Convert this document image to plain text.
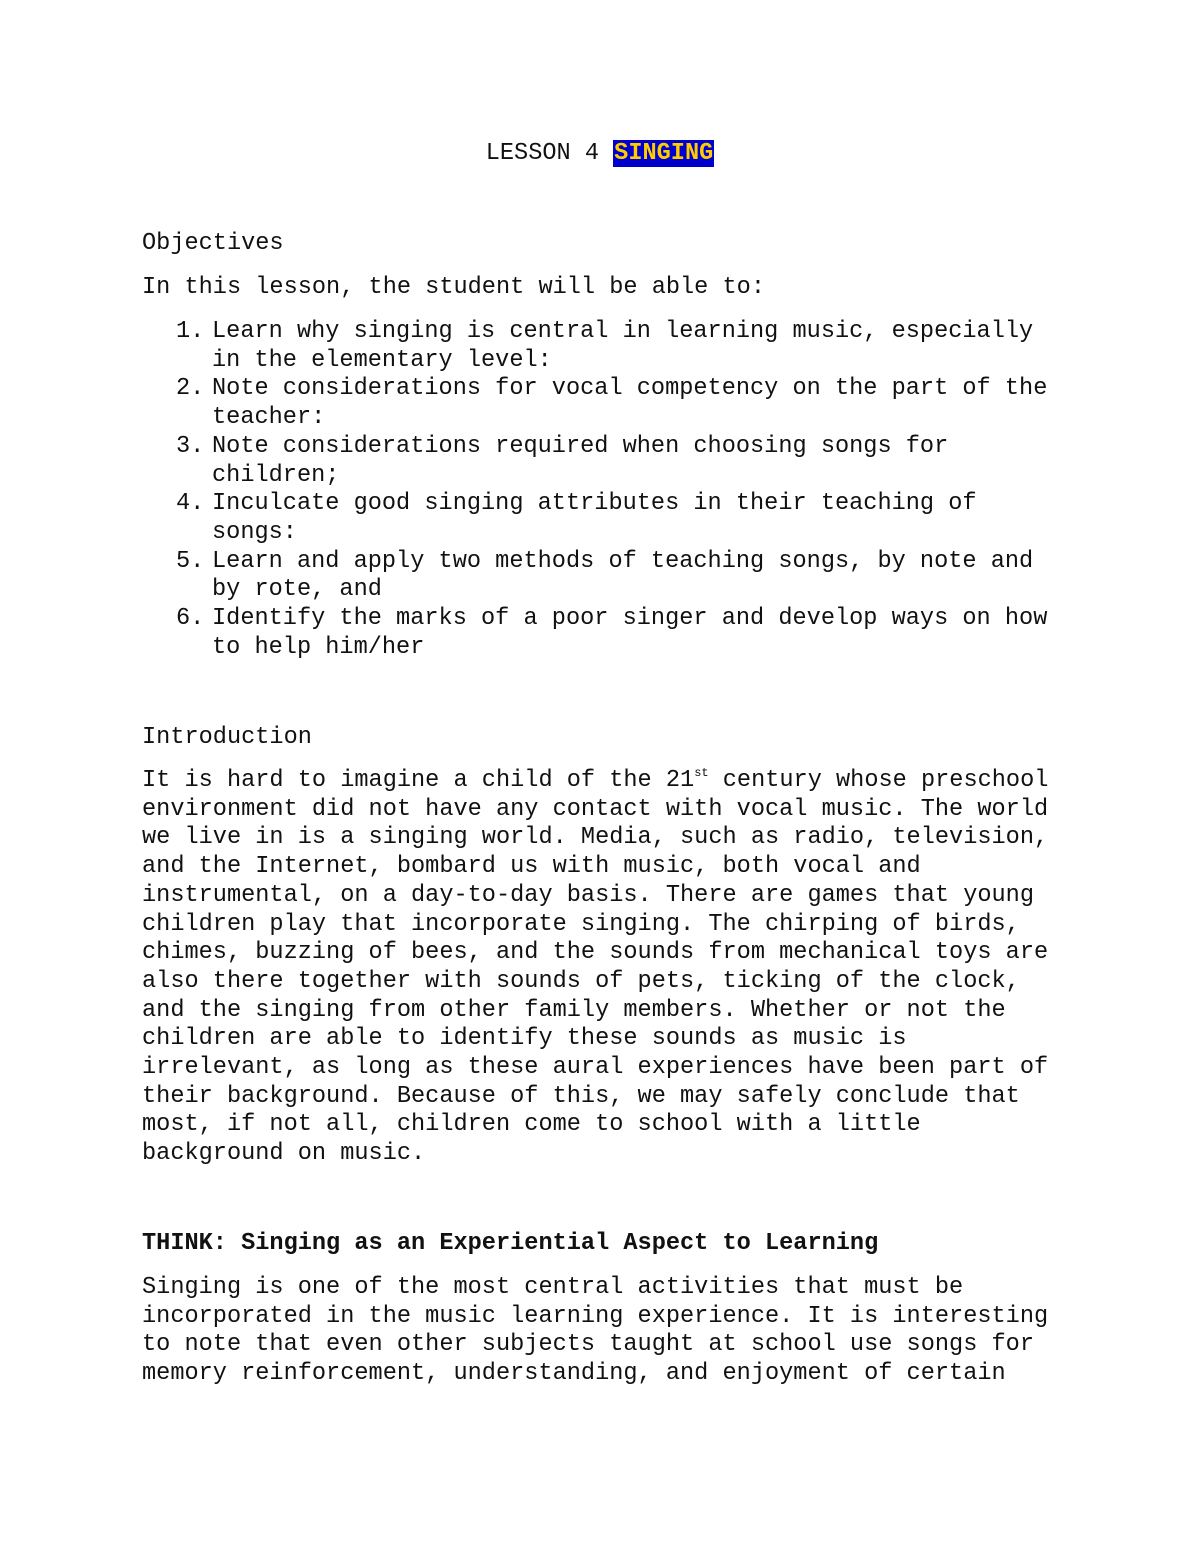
LESSON 4 SINGING
Objectives
In this lesson, the student will be able to:
1. Learn why singing is central in learning music, especially
in the elementary level:
2. Note considerations for vocal competency on the part of the
teacher:
3. Note considerations required when choosing songs for
children;
4. Inculcate good singing attributes in their teaching of
songs:
5. Learn and apply two methods of teaching songs, by note and
by rote, and
6. Identify the marks of a poor singer and develop ways on how
to help him/her
Introduction
It is hard to imagine a child of the 21st century whose preschool
environment did not have any contact with vocal music. The world
we live in is a singing world. Media, such as radio, television,
and the Internet, bombard us with music, both vocal and
instrumental, on a day-to-day basis. There are games that young
children play that incorporate singing. The chirping of birds,
chimes, buzzing of bees, and the sounds from mechanical toys are
also there together with sounds of pets, ticking of the clock,
and the singing from other family members. Whether or not the
children are able to identify these sounds as music is
irrelevant, as long as these aural experiences have been part of
their background. Because of this, we may safely conclude that
most, if not all, children come to school with a little
background on music.
THINK: Singing as an Experiential Aspect to Learning
Singing is one of the most central activities that must be
incorporated in the music learning experience. It is interesting
to note that even other subjects taught at school use songs for
memory reinforcement, understanding, and enjoyment of certain
